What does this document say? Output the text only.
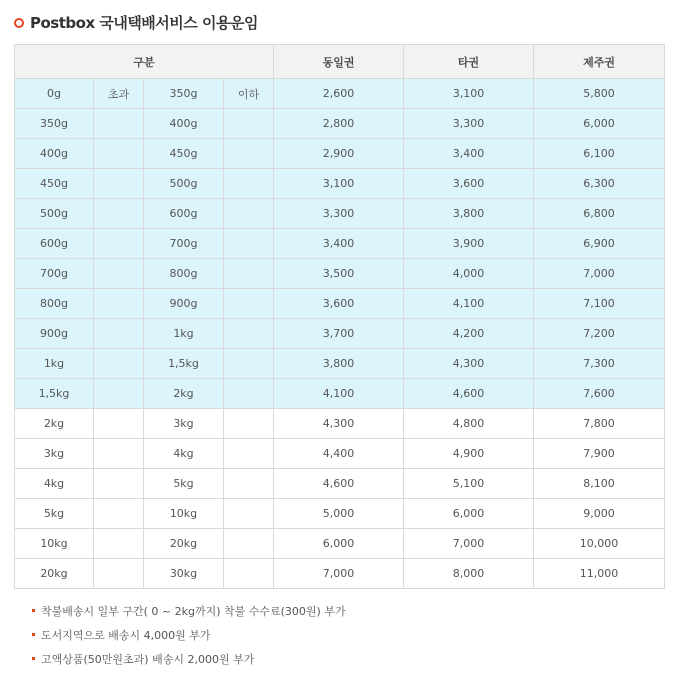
Postbox 국내택배서비스 이용운임
구분				동일권	타권	제주권
0g	초과	350g	이하	2,600	3,100	5,800
350g		400g		2,800	3,300	6,000
400g		450g		2,900	3,400	6,100
450g		500g		3,100	3,600	6,300
500g		600g		3,300	3,800	6,800
600g		700g		3,400	3,900	6,900
700g		800g		3,500	4,000	7,000
800g		900g		3,600	4,100	7,100
900g		1kg		3,700	4,200	7,200
1kg		1,5kg		3,800	4,300	7,300
1,5kg		2kg		4,100	4,600	7,600
2kg		3kg		4,300	4,800	7,800
3kg		4kg		4,400	4,900	7,900
4kg		5kg		4,600	5,100	8,100
5kg		10kg		5,000	6,000	9,000
10kg		20kg		6,000	7,000	10,000
20kg		30kg		7,000	8,000	11,000
착불배송시 일부 구간( 0 ~ 2kg까지) 착불 수수료(300원) 부가
도서지역으로 배송시 4,000원 부가
고액상품(50만원초과) 배송시 2,000원 부가
